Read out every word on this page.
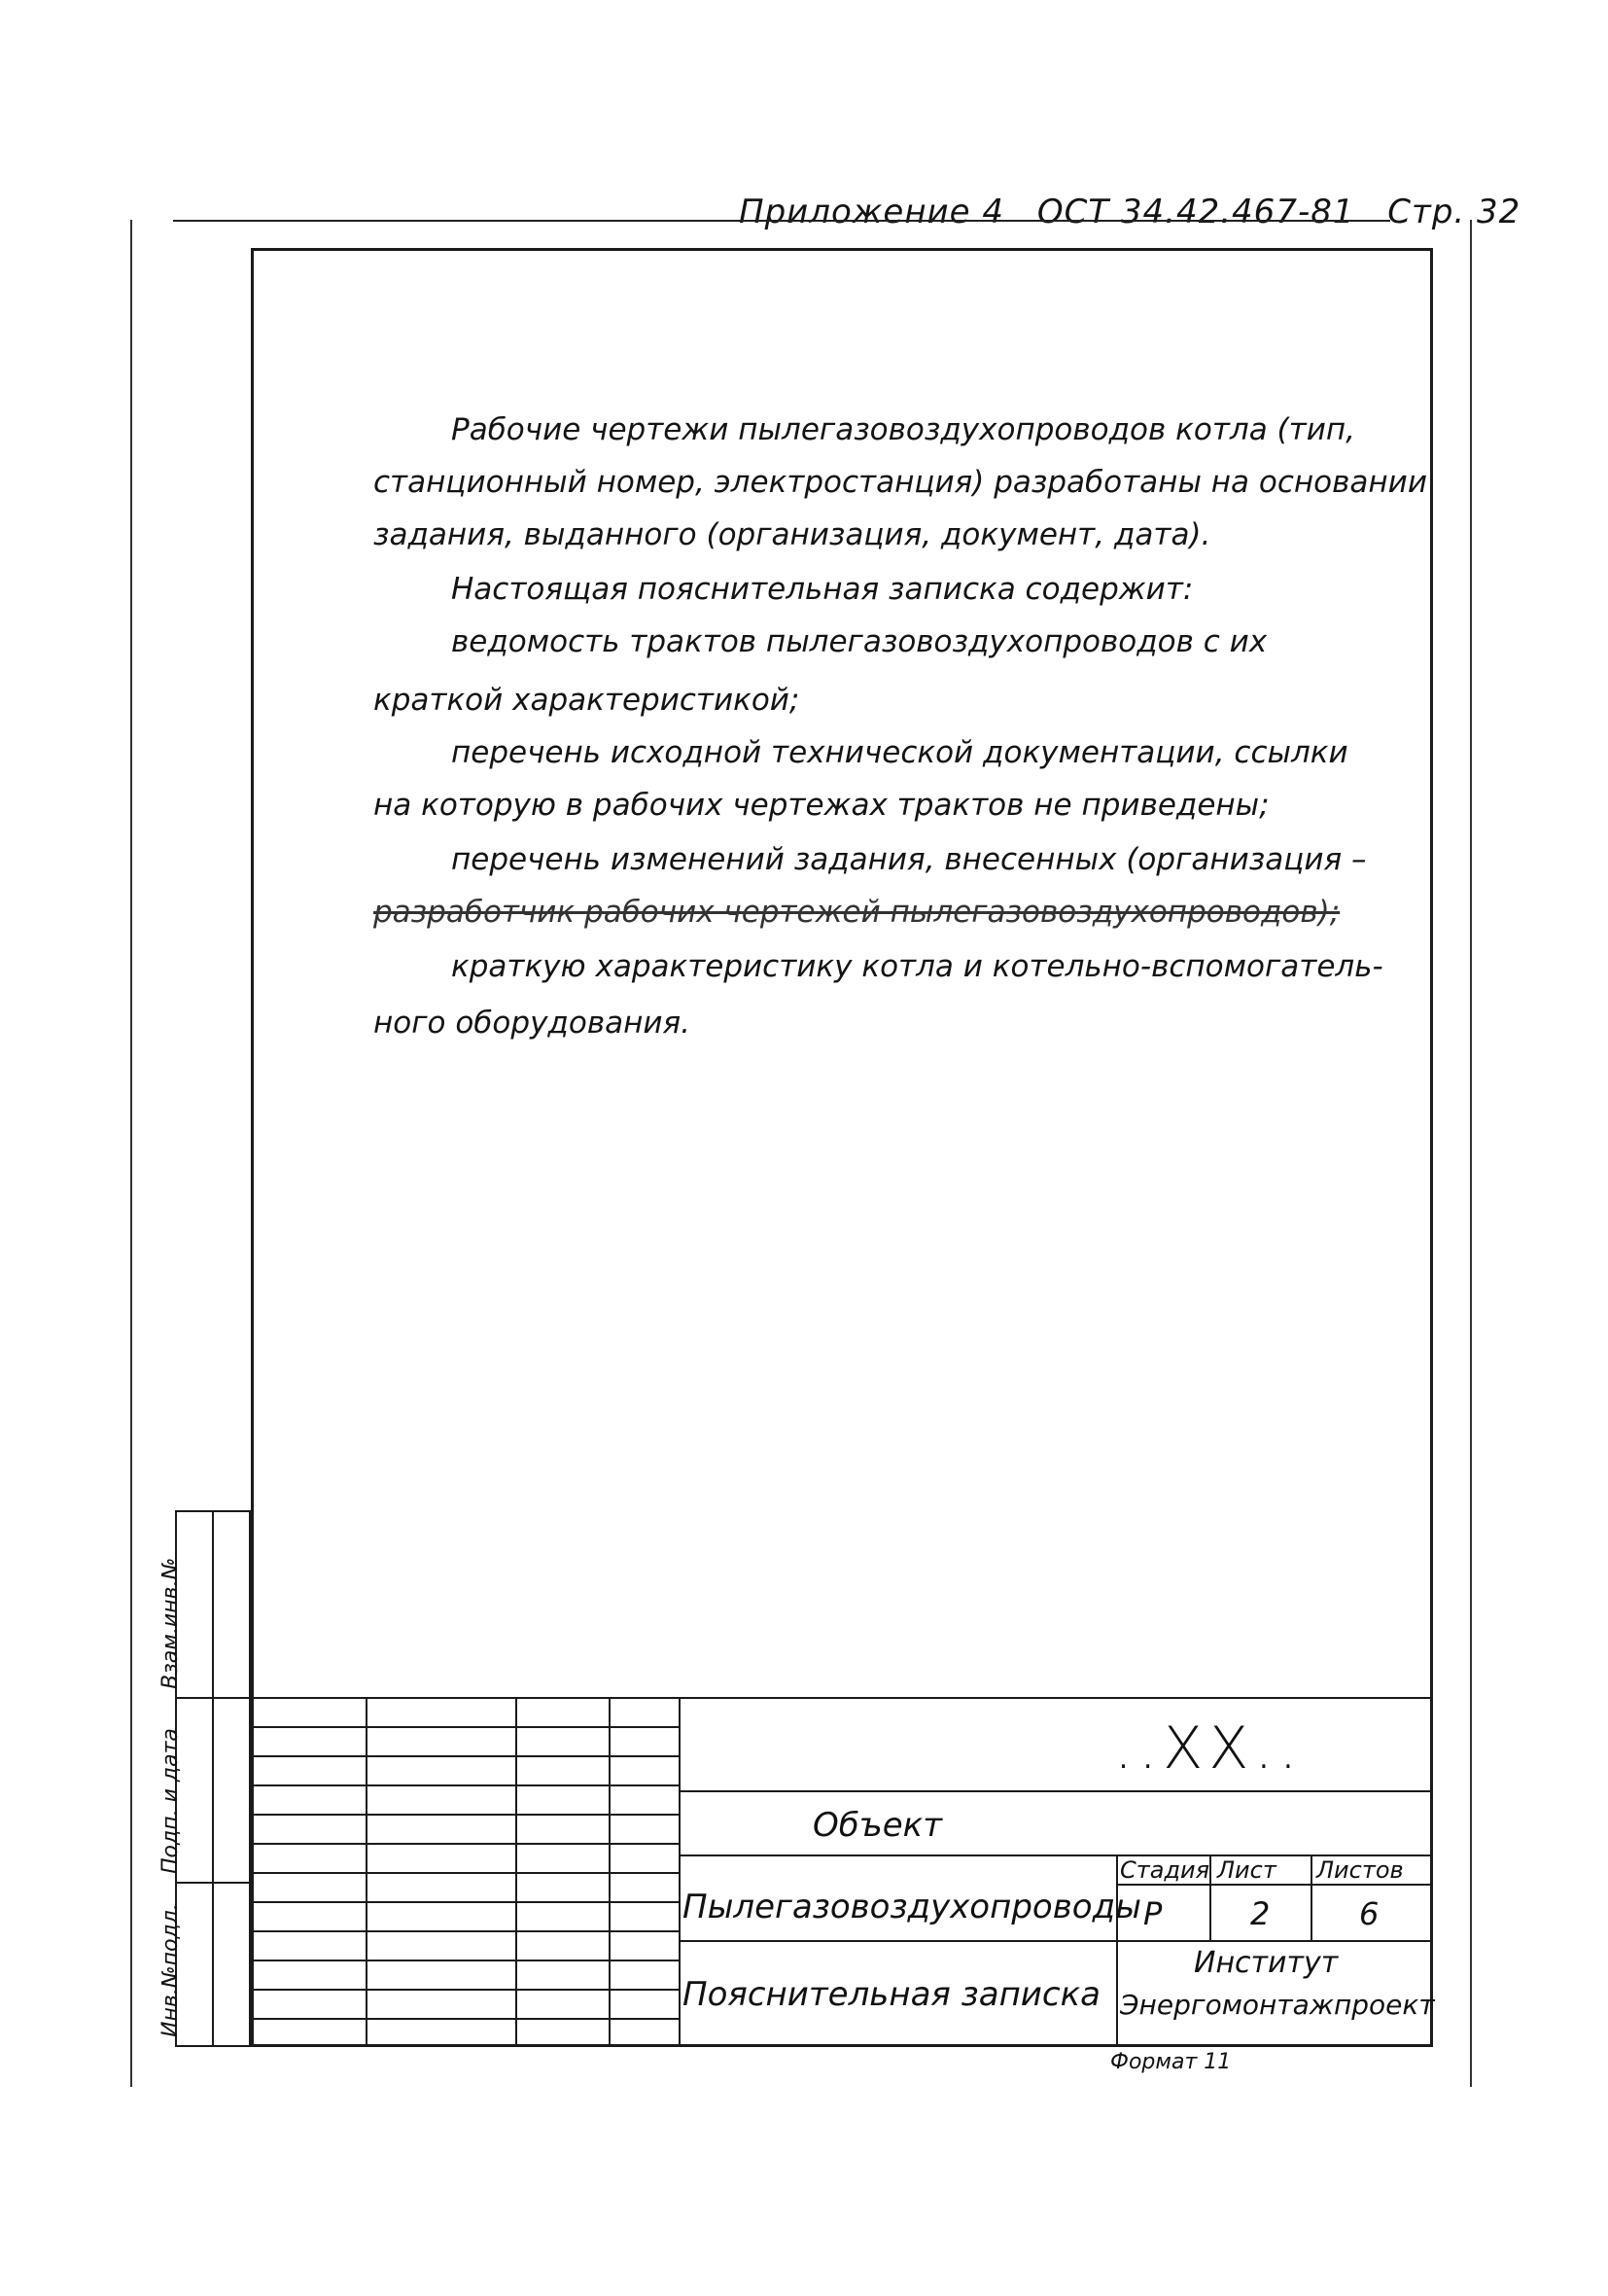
Приложение 4 ОСТ 34.42.467-81 Стр. 32
Рабочие чертежи пылегазовоздухопроводов котла (тип,
станционный номер, электростанция) разработаны на основании
задания, выданного (организация, документ, дата).
Настоящая пояснительная записка содержит:
ведомость трактов пылегазовоздухопроводов с их
краткой характеристикой;
перечень исходной технической документации, ссылки
на которую в рабочих чертежах трактов не приведены;
перечень изменений задания, внесенных (организация –
разработчик рабочих чертежей пылегазовоздухопроводов);
краткую характеристику котла и котельно-вспомогатель-
ного оборудования.
Взам.инв.№
Подп. и дата
Инв.№подл.
..XX..
Объект
Пылегазовоздухопроводы
Пояснительная записка
Стадия Лист Листов
Р	2	6
Институт
Энергомонтажпроект
Формат 11
